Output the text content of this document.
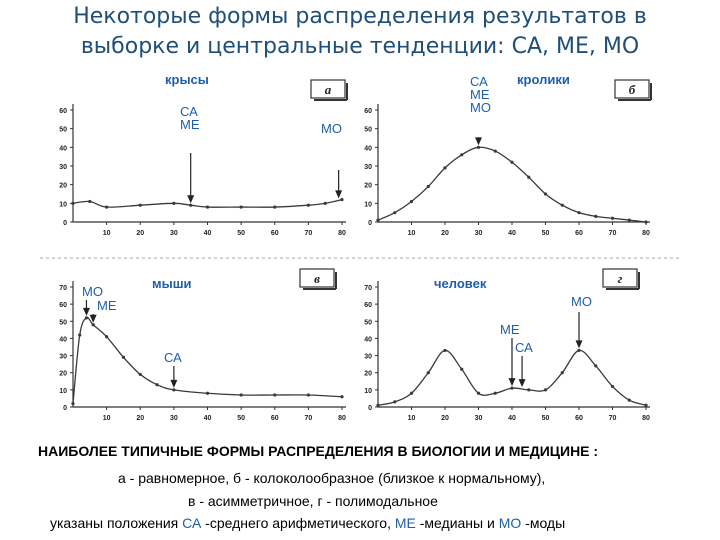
Некоторые формы распределения результатов в
выборке и центральные тенденции: СА, МЕ, МО
0
10
20
30
40
50
60
10	20	30	40	50	60	70	80
крысы
а
СА
МЕ	МО
0
10
20
30
40
50
60
10	20	30	40	50	60	70	80
кролики
б
СА
МЕ
МО
0
10
20
30
40
50
60
70
10	20	30	40	50	60	70	80
мыши	в
МО
МЕ
СА
0
10
20
30
40
50
60
70
10	20	30	40	50	60	70	80
человек	г
МЕ
СА
МО
НАИБОЛЕЕ ТИПИЧНЫЕ ФОРМЫ РАСПРЕДЕЛЕНИЯ В БИОЛОГИИ И МЕДИЦИНЕ :
а - равномерное, б - колоколообразное (близкое к нормальному),
в - асимметричное, г - полимодальное
указаны положения СА -среднего арифметического, МЕ -медианы и МО -моды
